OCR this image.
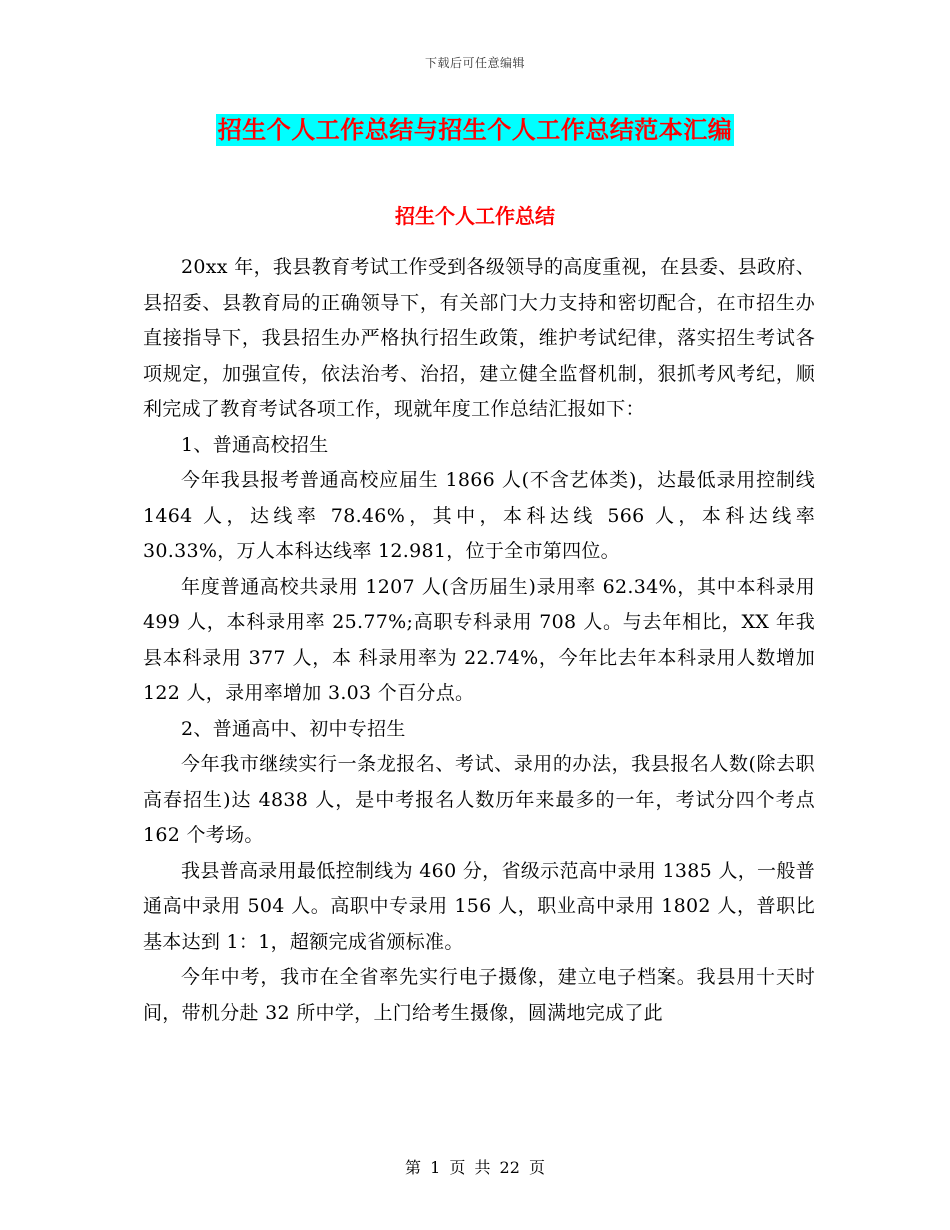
下载后可任意编辑
招生个人工作总结与招生个人工作总结范本汇编
招生个人工作总结

20xx 年，我县教育考试工作受到各级领导的高度重视，在县委、县政府、县招委、县教育局的正确领导下，有关部门大力支持和密切配合，在市招生办直接指导下，我县招生办严格执行招生政策，维护考试纪律，落实招生考试各项规定，加强宣传，依法治考、治招，建立健全监督机制，狠抓考风考纪，顺利完成了教育考试各项工作，现就年度工作总结汇报如下：

1、普通高校招生

今年我县报考普通高校应届生 1866 人(不含艺体类)，达最低录用控制线 1464 人，达线率 78.46%，其中，本科达线 566 人，本科达线率 30.33%，万人本科达线率 12.981，位于全市第四位。

年度普通高校共录用 1207 人(含历届生)录用率 62.34%，其中本科录用 499 人，本科录用率 25.77%;高职专科录用 708 人。与去年相比，XX 年我县本科录用 377 人，本 科录用率为 22.74%，今年比去年本科录用人数增加 122 人，录用率增加 3.03 个百分点。

2、普通高中、初中专招生

今年我市继续实行一条龙报名、考试、录用的办法，我县报名人数(除去职高春招生)达 4838 人，是中考报名人数历年来最多的一年，考试分四个考点 162 个考场。

我县普高录用最低控制线为 460 分，省级示范高中录用 1385 人，一般普通高中录用 504 人。高职中专录用 156 人，职业高中录用 1802 人，普职比基本达到 1：1，超额完成省颁标准。

今年中考，我市在全省率先实行电子摄像，建立电子档案。我县用十天时间，带机分赴 32 所中学，上门给考生摄像，圆满地完成了此

第 1 页 共 22 页
